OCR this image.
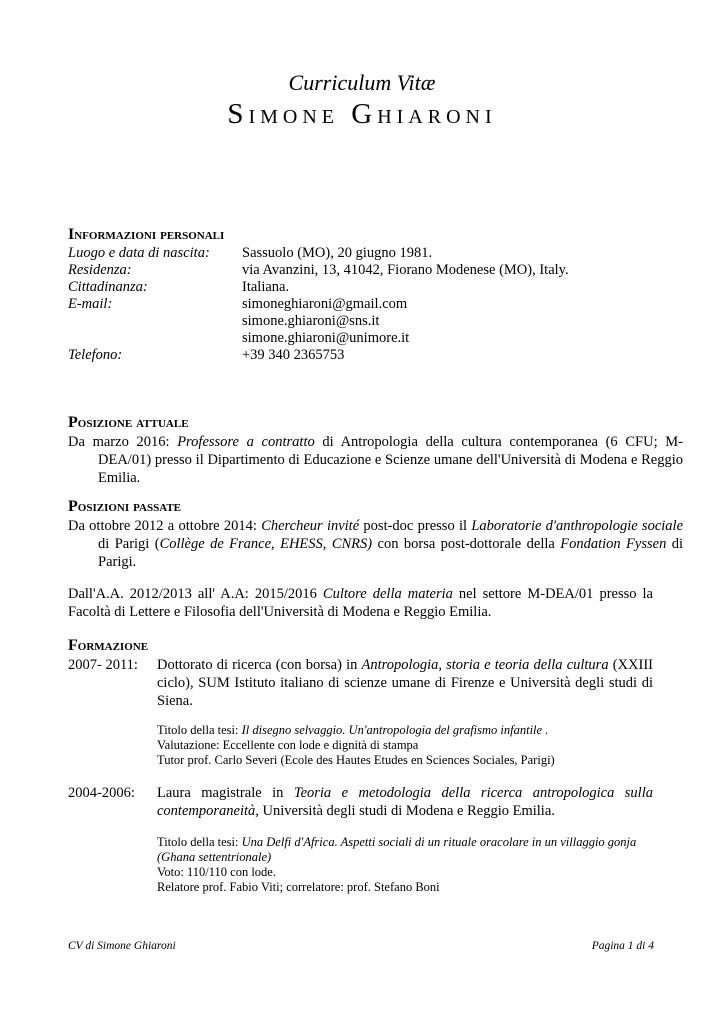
Curriculum Vitæ
Simone Ghiaroni
Informazioni personali
Luogo e data di nascita:	Sassuolo (MO), 20 giugno 1981.
Residenza:	via Avanzini, 13, 41042, Fiorano Modenese (MO), Italy.
Cittadinanza:	Italiana.
E-mail:	simoneghiaroni@gmail.com
simone.ghiaroni@sns.it
simone.ghiaroni@unimore.it
Telefono:	+39 340 2365753
Posizione attuale
Da marzo 2016: Professore a contratto di Antropologia della cultura contemporanea (6 CFU; M-DEA/01) presso il Dipartimento di Educazione e Scienze umane dell'Università di Modena e Reggio Emilia.
Posizioni passate
Da ottobre 2012 a ottobre 2014: Chercheur invité post-doc presso il Laboratorie d'anthropologie sociale di Parigi (Collège de France, EHESS, CNRS) con borsa post-dottorale della Fondation Fyssen di Parigi.
Dall'A.A. 2012/2013 all' A.A: 2015/2016 Cultore della materia nel settore M-DEA/01 presso la Facoltà di Lettere e Filosofia dell'Università di Modena e Reggio Emilia.
Formazione
2007- 2011: Dottorato di ricerca (con borsa) in Antropologia, storia e teoria della cultura (XXIII ciclo), SUM Istituto italiano di scienze umane di Firenze e Università degli studi di Siena.
Titolo della tesi: Il disegno selvaggio. Un'antropologia del grafismo infantile .
Valutazione: Eccellente con lode e dignità di stampa
Tutor prof. Carlo Severi (Ecole des Hautes Etudes en Sciences Sociales, Parigi)
2004-2006: Laura magistrale in Teoria e metodologia della ricerca antropologica sulla contemporaneità, Università degli studi di Modena e Reggio Emilia.
Titolo della tesi: Una Delfi d'Africa. Aspetti sociali di un rituale oracolare in un villaggio gonja (Ghana settentrionale)
Voto: 110/110 con lode.
Relatore prof. Fabio Viti; correlatore: prof. Stefano Boni
CV di Simone Ghiaroni	Pagina 1 di 4
